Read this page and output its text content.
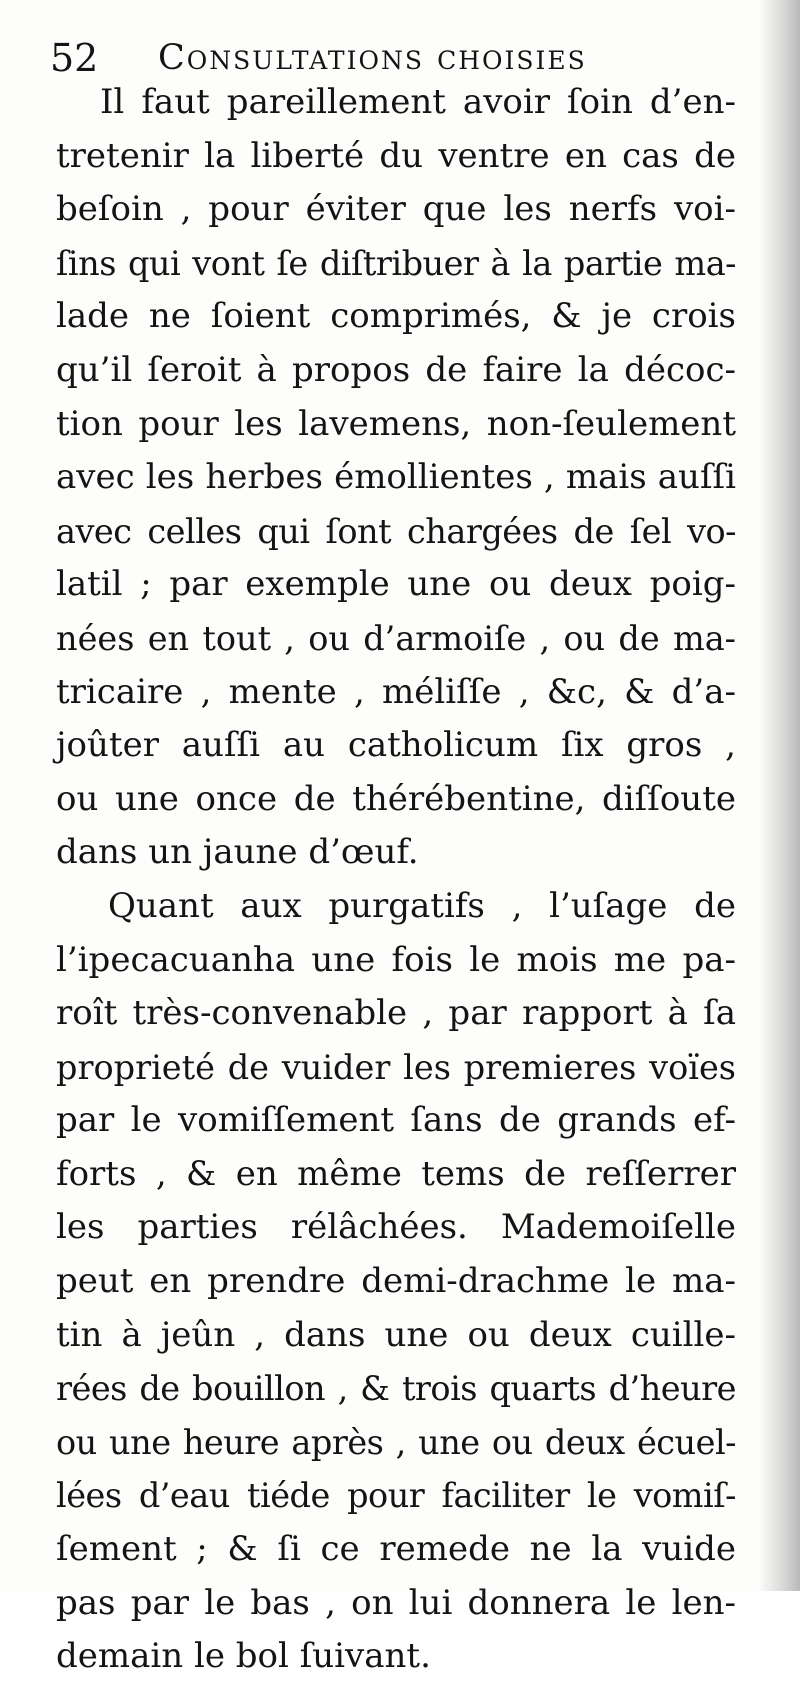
52 Consultations choisies
Il faut pareillement avoir ſoin d’en-
tretenir la liberté du ventre en cas de
beſoin , pour éviter que les nerfs voi-
ſins qui vont ſe diſtribuer à la partie ma-
lade ne ſoient comprimés, & je crois
qu’il ſeroit à propos de faire la décoc-
tion pour les lavemens, non-ſeulement
avec les herbes émollientes , mais auſſi
avec celles qui ſont chargées de ſel vo-
latil ; par exemple une ou deux poig-
nées en tout , ou d’armoiſe , ou de ma-
tricaire , mente , méliſſe , &c, & d’a-
joûter auſſi au catholicum ſix gros ,
ou une once de thérébentine, diſſoute
dans un jaune d’œuf.
Quant aux purgatifs , l’uſage de
l’ipecacuanha une fois le mois me pa-
roît très-convenable , par rapport à ſa
proprieté de vuider les premieres voïes
par le vomiſſement ſans de grands ef-
forts , & en même tems de reſſerrer
les parties rélâchées. Mademoiſelle
peut en prendre demi-drachme le ma-
tin à jeûn , dans une ou deux cuille-
rées de bouillon , & trois quarts d’heure
ou une heure après , une ou deux écuel-
lées d’eau tiéde pour faciliter le vomiſ-
ſement ; & ſi ce remede ne la vuide
pas par le bas , on lui donnera le len-
demain le bol ſuivant.
